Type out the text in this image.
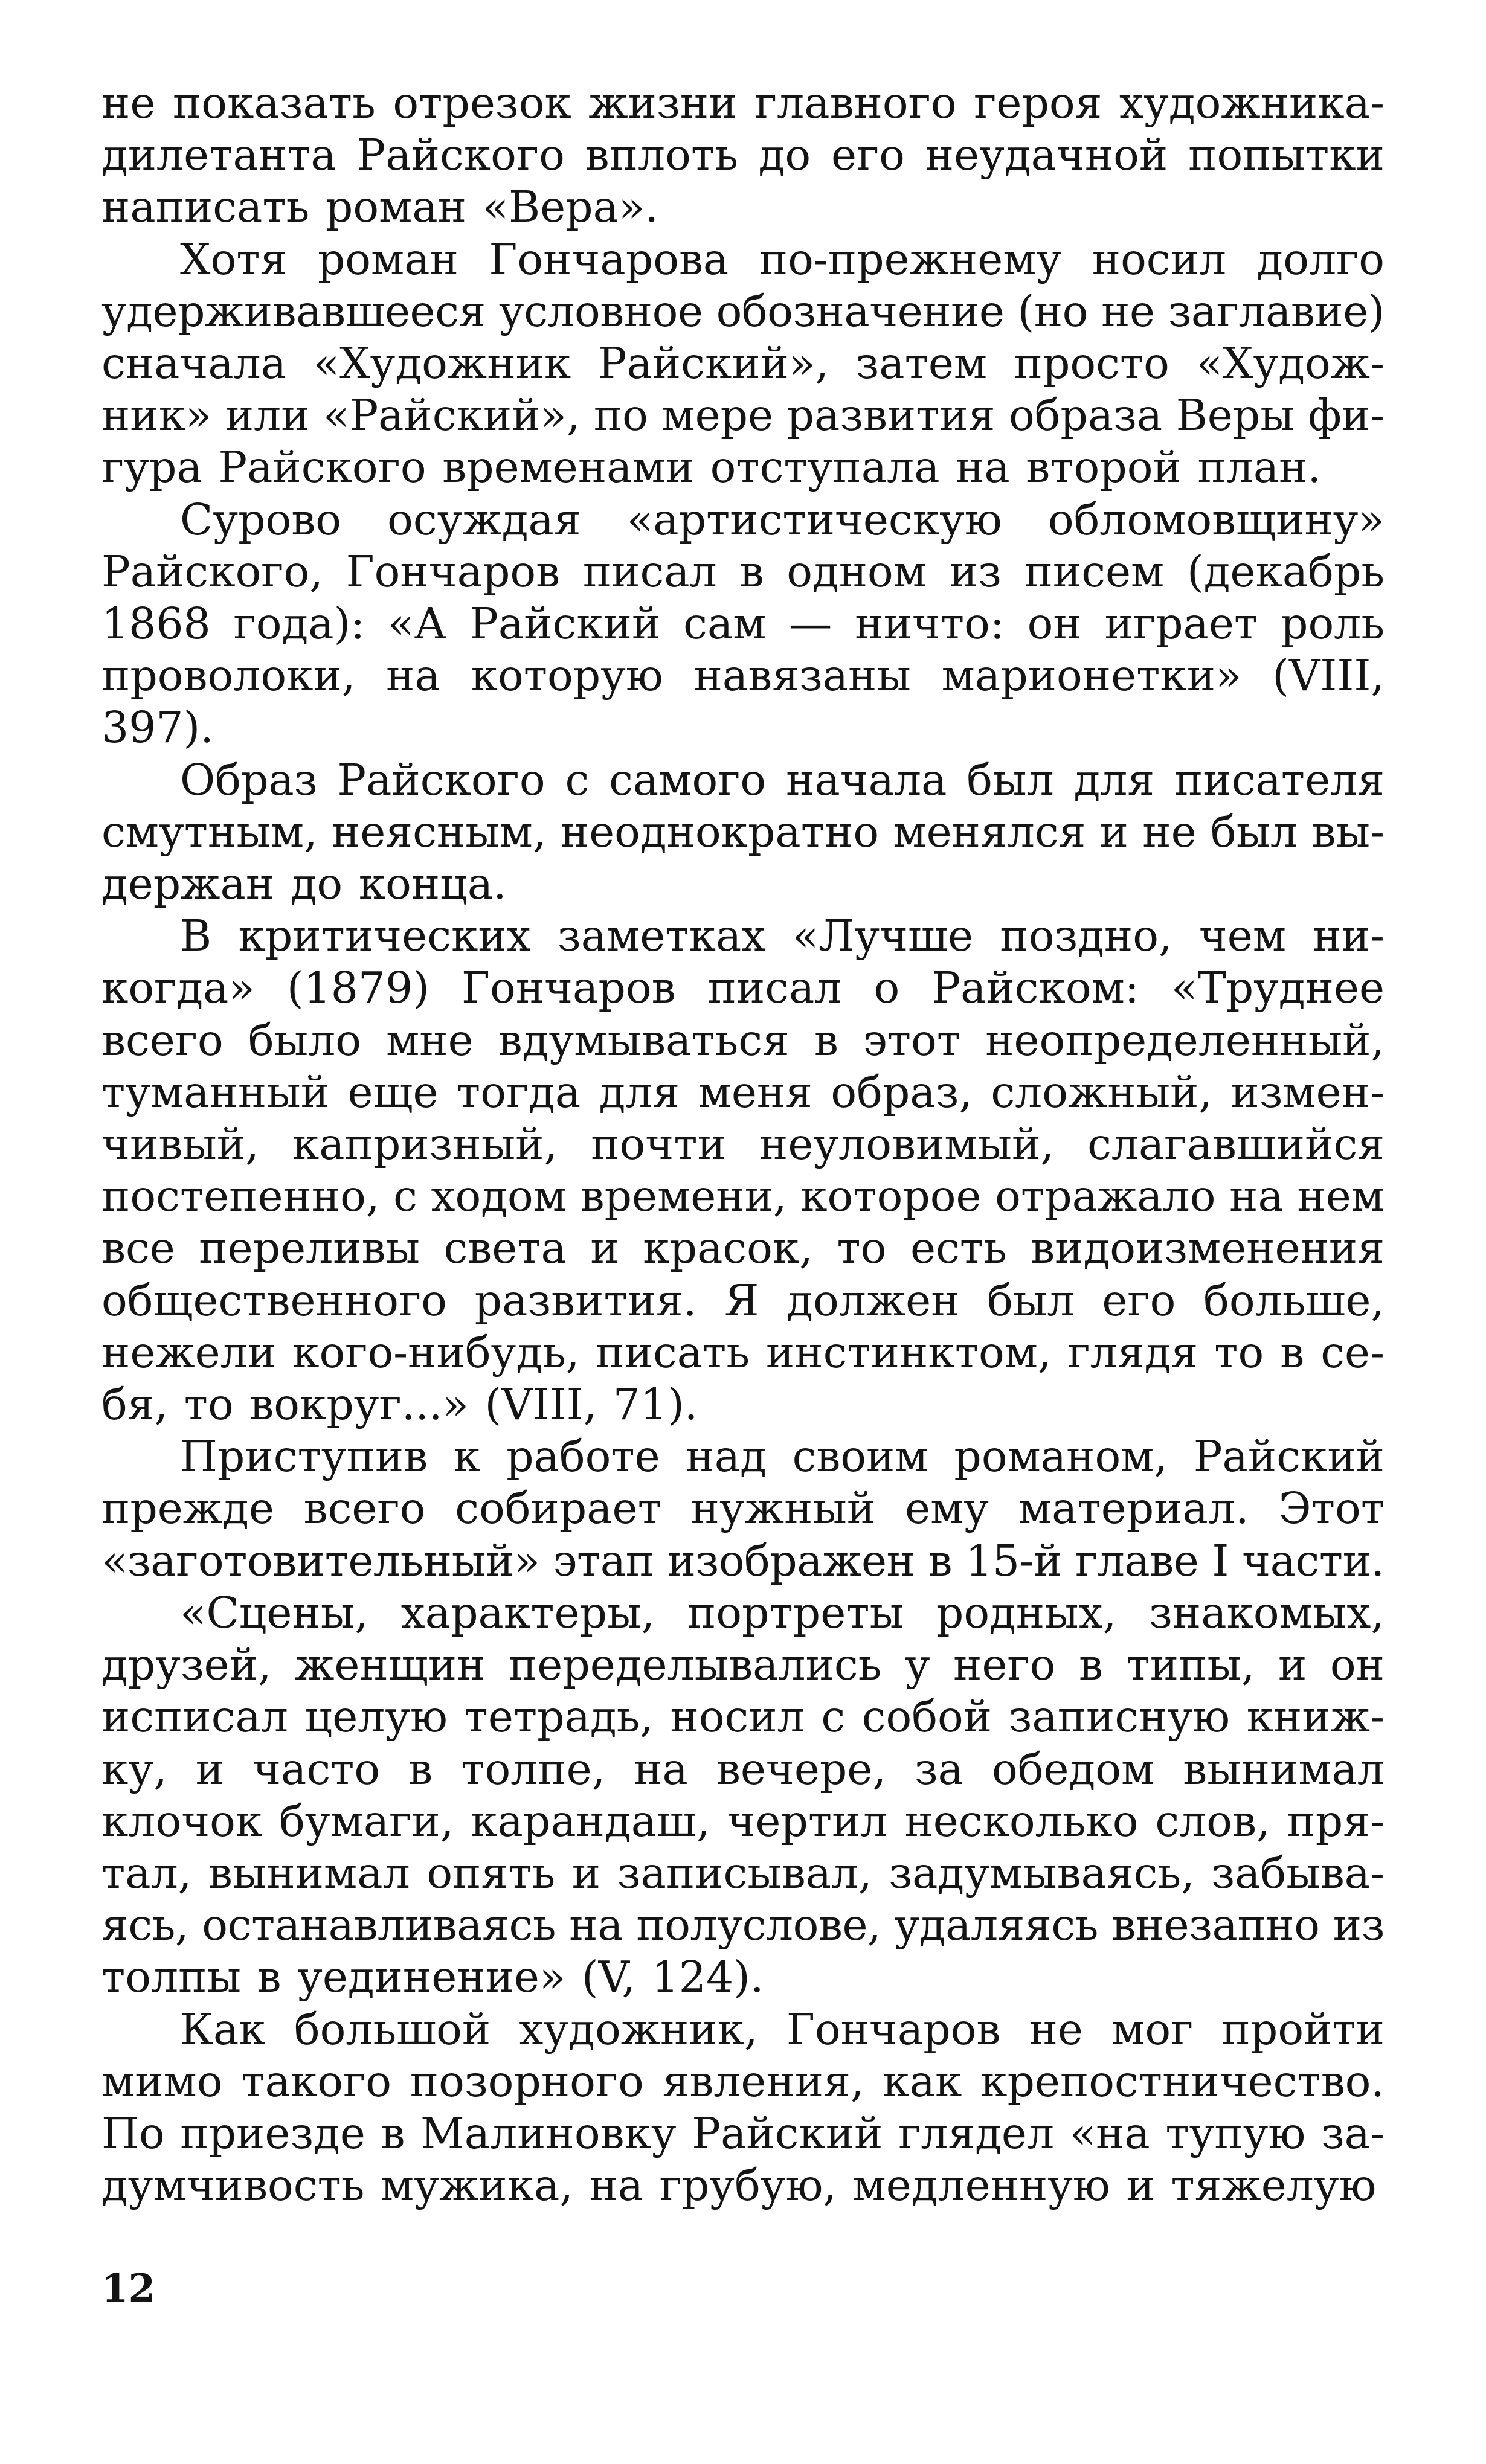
не показать отрезок жизни главного героя художника-
дилетанта Райского вплоть до его неудачной попытки
написать роман «Вера».
Хотя роман Гончарова по-прежнему носил долго
удерживавшееся условное обозначение (но не заглавие)
сначала «Художник Райский», затем просто «Худож-
ник» или «Райский», по мере развития образа Веры фи-
гура Райского временами отступала на второй план.
Сурово осуждая «артистическую обломовщину»
Райского, Гончаров писал в одном из писем (декабрь
1868 года): «А Райский сам — ничто: он играет роль
проволоки, на которую навязаны марионетки» (VIII,
397).
Образ Райского с самого начала был для писателя
смутным, неясным, неоднократно менялся и не был вы-
держан до конца.
В критических заметках «Лучше поздно, чем ни-
когда» (1879) Гончаров писал о Райском: «Труднее
всего было мне вдумываться в этот неопределенный,
туманный еще тогда для меня образ, сложный, измен-
чивый, капризный, почти неуловимый, слагавшийся
постепенно, с ходом времени, которое отражало на нем
все переливы света и красок, то есть видоизменения
общественного развития. Я должен был его больше,
нежели кого-нибудь, писать инстинктом, глядя то в се-
бя, то вокруг...» (VIII, 71).
Приступив к работе над своим романом, Райский
прежде всего собирает нужный ему материал. Этот
«заготовительный» этап изображен в 15-й главе I части.
«Сцены, характеры, портреты родных, знакомых,
друзей, женщин переделывались у него в типы, и он
исписал целую тетрадь, носил с собой записную книж-
ку, и часто в толпе, на вечере, за обедом вынимал
клочок бумаги, карандаш, чертил несколько слов, пря-
тал, вынимал опять и записывал, задумываясь, забыва-
ясь, останавливаясь на полуслове, удаляясь внезапно из
толпы в уединение» (V, 124).
Как большой художник, Гончаров не мог пройти
мимо такого позорного явления, как крепостничество.
По приезде в Малиновку Райский глядел «на тупую за-
думчивость мужика, на грубую, медленную и тяжелую
12
